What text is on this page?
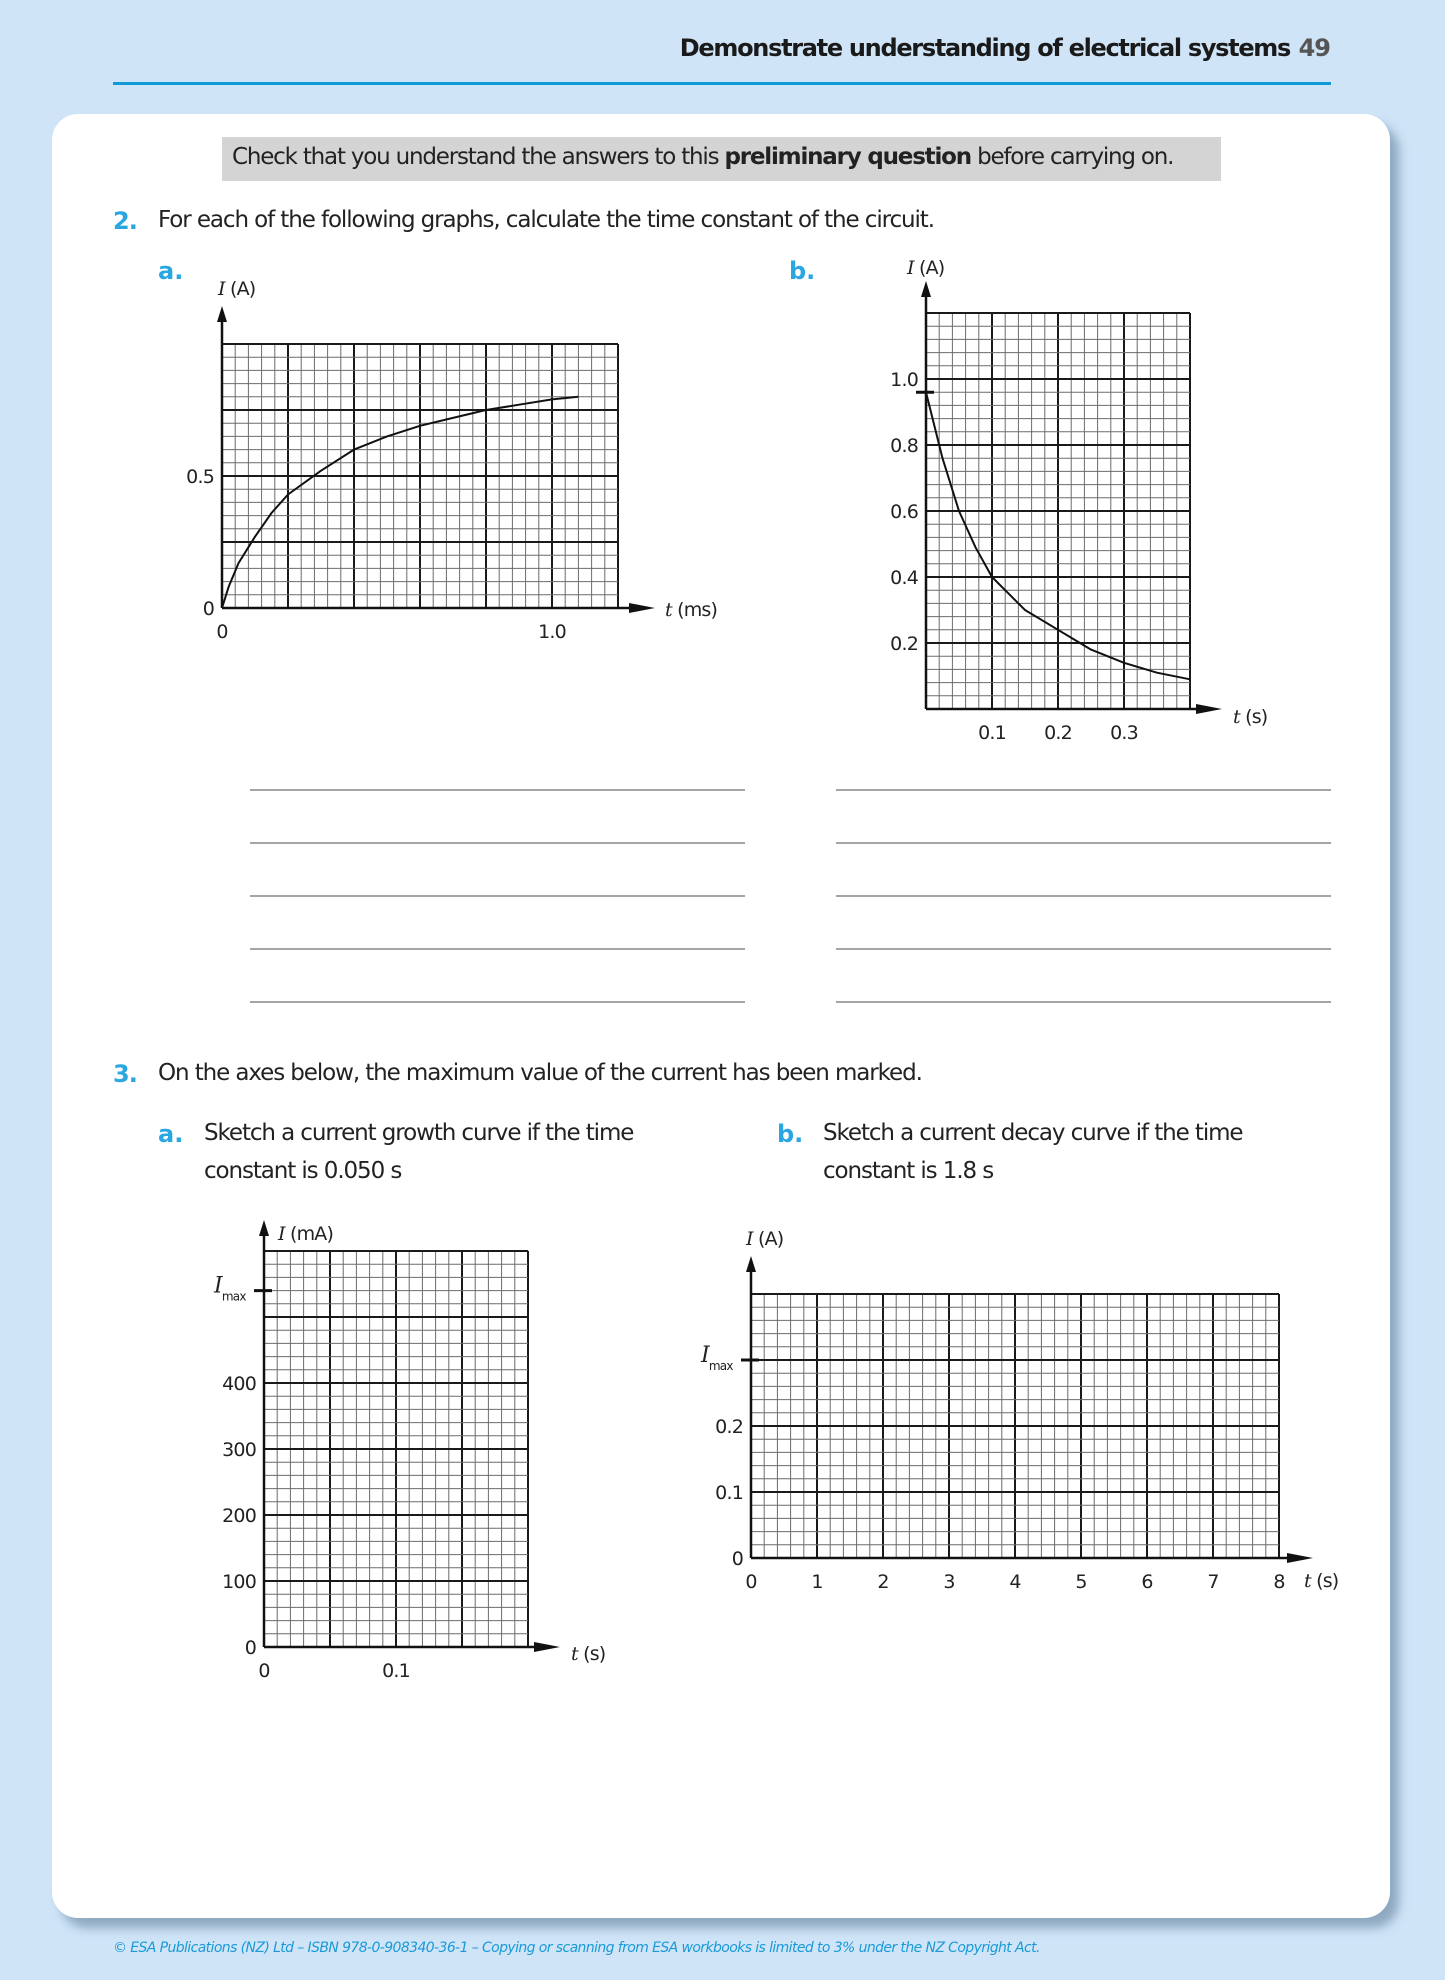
Demonstrate understanding of electrical systems 49
Check that you understand the answers to this preliminary question before carrying on.
2. For each of the following graphs, calculate the time constant of the circuit.
a.	b.
3. On the axes below, the maximum value of the current has been marked.
a. Sketch a current growth curve if the time
constant is 0.050 s
b. Sketch a current decay curve if the time
constant is 1.8 s
I (A)
t (ms)
0	1.0
0
0.5
I (A)
t (s)
0.1 0.2 0.3
0.2
0.4
0.6
0.8
1.0
I (mA)
t (s)
0	0.1
0
100
200
300
400
$I_{max}$
I (A)
t (s)
0	1	2	3	4	5	6	7	8
0
0.1
0.2
$I_{max}$
© ESA Publications (NZ) Ltd – ISBN 978-0-908340-36-1 – Copying or scanning from ESA workbooks is limited to 3% under the NZ Copyright Act.
